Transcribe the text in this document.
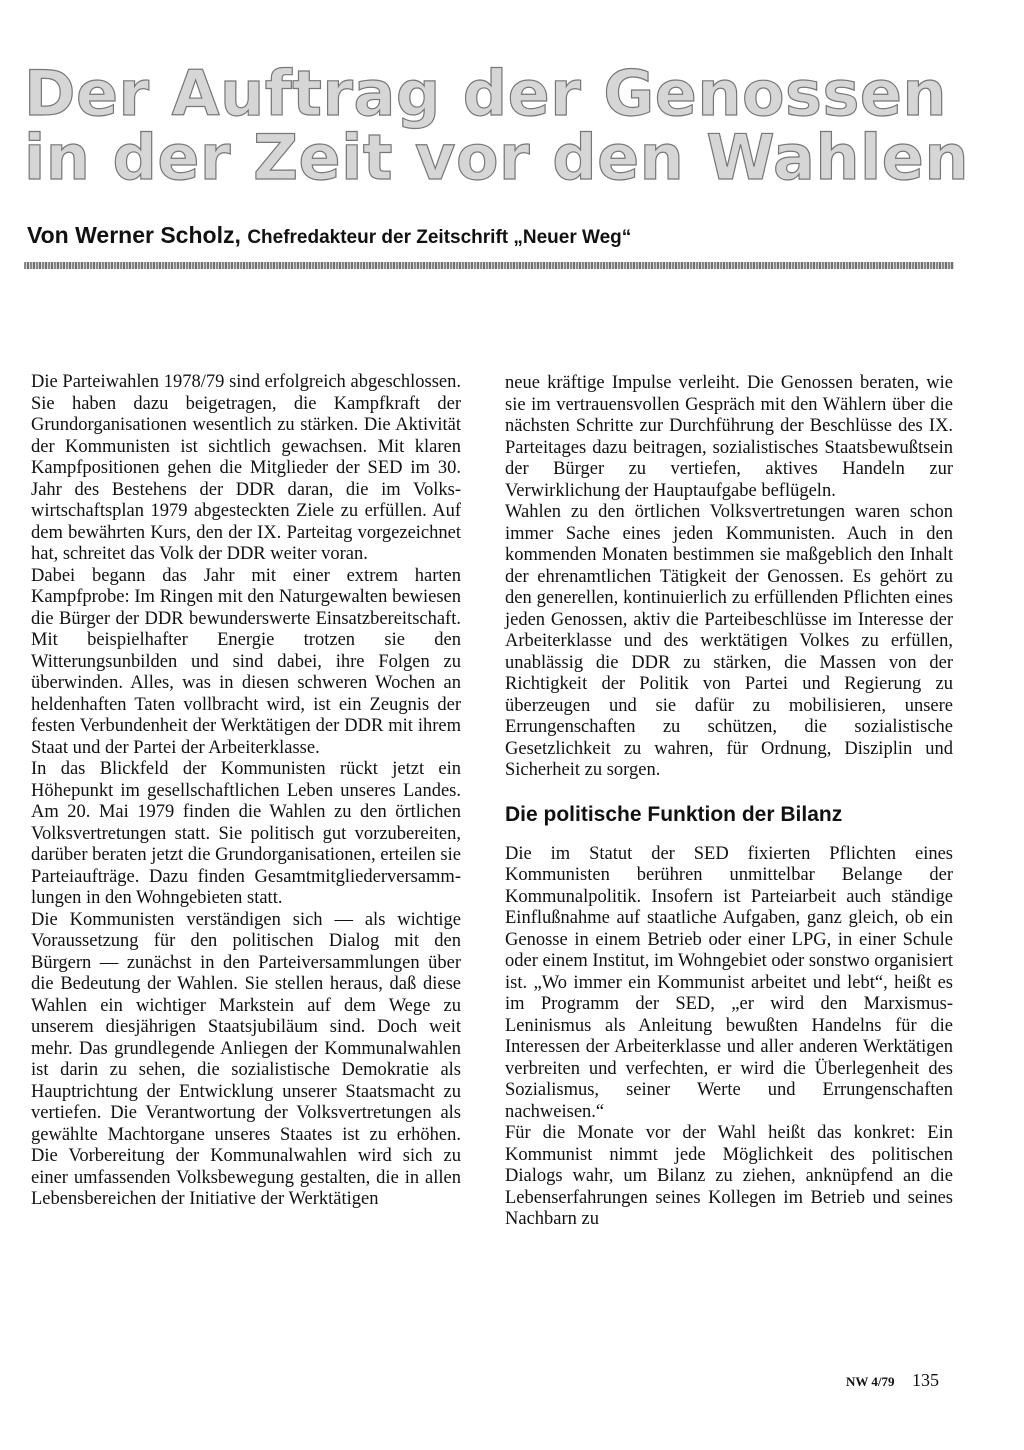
Der Auftrag der Genossen
in der Zeit vor den Wahlen
Von Werner Scholz, Chefredakteur der Zeitschrift „Neuer Weg“

Die Parteiwahlen 1978/79 sind erfolgreich abgeschlossen. Sie haben dazu beigetragen, die Kampfkraft der Grundorganisationen wesentlich zu stärken. Die Aktivität der Kommunisten ist sichtlich gewachsen. Mit klaren Kampfpositionen gehen die Mitglieder der SED im 30. Jahr des Bestehens der DDR daran, die im Volkswirtschaftsplan 1979 abgesteckten Ziele zu erfüllen. Auf dem bewährten Kurs, den der IX. Parteitag vorgezeichnet hat, schreitet das Volk der DDR weiter voran.

Dabei begann das Jahr mit einer extrem harten Kampfprobe: Im Ringen mit den Naturgewalten bewiesen die Bürger der DDR bewunderswerte Einsatzbereitschaft. Mit beispielhafter Energie trotzen sie den Witterungsunbilden und sind dabei, ihre Folgen zu überwinden. Alles, was in diesen schweren Wochen an heldenhaften Taten vollbracht wird, ist ein Zeugnis der festen Verbundenheit der Werktätigen der DDR mit ihrem Staat und der Partei der Arbeiterklasse.

In das Blickfeld der Kommunisten rückt jetzt ein Höhepunkt im gesellschaftlichen Leben unseres Landes. Am 20. Mai 1979 finden die Wahlen zu den örtlichen Volksvertretungen statt. Sie politisch gut vorzubereiten, darüber beraten jetzt die Grundorganisationen, erteilen sie Parteiaufträge. Dazu finden Gesamtmitgliederversammlungen in den Wohngebieten statt.

Die Kommunisten verständigen sich — als wichtige Voraussetzung für den politischen Dialog mit den Bürgern — zunächst in den Parteiversammlungen über die Bedeutung der Wahlen. Sie stellen heraus, daß diese Wahlen ein wichtiger Markstein auf dem Wege zu unserem diesjährigen Staatsjubiläum sind. Doch weit mehr. Das grundlegende Anliegen der Kommunalwahlen ist darin zu sehen, die sozialistische Demokratie als Hauptrichtung der Entwicklung unserer Staatsmacht zu vertiefen. Die Verantwortung der Volksvertretungen als gewählte Machtorgane unseres Staates ist zu erhöhen. Die Vorbereitung der Kommunalwahlen wird sich zu einer umfassenden Volksbewegung gestalten, die in allen Lebensbereichen der Initiative der Werktätigen

neue kräftige Impulse verleiht. Die Genossen beraten, wie sie im vertrauensvollen Gespräch mit den Wählern über die nächsten Schritte zur Durchführung der Beschlüsse des IX. Parteitages dazu beitragen, sozialistisches Staatsbewußtsein der Bürger zu vertiefen, aktives Handeln zur Verwirklichung der Hauptaufgabe beflügeln.

Wahlen zu den örtlichen Volksvertretungen waren schon immer Sache eines jeden Kommunisten. Auch in den kommenden Monaten bestimmen sie maßgeblich den Inhalt der ehrenamtlichen Tätigkeit der Genossen. Es gehört zu den generellen, kontinuierlich zu erfüllenden Pflichten eines jeden Genossen, aktiv die Parteibeschlüsse im Interesse der Arbeiterklasse und des werktätigen Volkes zu erfüllen, unablässig die DDR zu stärken, die Massen von der Richtigkeit der Politik von Partei und Regierung zu überzeugen und sie dafür zu mobilisieren, unsere Errungenschaften zu schützen, die sozialistische Gesetzlichkeit zu wahren, für Ordnung, Disziplin und Sicherheit zu sorgen.

Die politische Funktion der Bilanz

Die im Statut der SED fixierten Pflichten eines Kommunisten berühren unmittelbar Belange der Kommunalpolitik. Insofern ist Parteiarbeit auch ständige Einflußnahme auf staatliche Aufgaben, ganz gleich, ob ein Genosse in einem Betrieb oder einer LPG, in einer Schule oder einem Institut, im Wohngebiet oder sonstwo organisiert ist. „Wo immer ein Kommunist arbeitet und lebt“, heißt es im Programm der SED, „er wird den Marxismus-Leninismus als Anleitung bewußten Handelns für die Interessen der Arbeiterklasse und aller anderen Werktätigen verbreiten und verfechten, er wird die Überlegenheit des Sozialismus, seiner Werte und Errungenschaften nachweisen.“

Für die Monate vor der Wahl heißt das konkret: Ein Kommunist nimmt jede Möglichkeit des politischen Dialogs wahr, um Bilanz zu ziehen, anknüpfend an die Lebenserfahrungen seines Kollegen im Betrieb und seines Nachbarn zu

NW 4/79 135
